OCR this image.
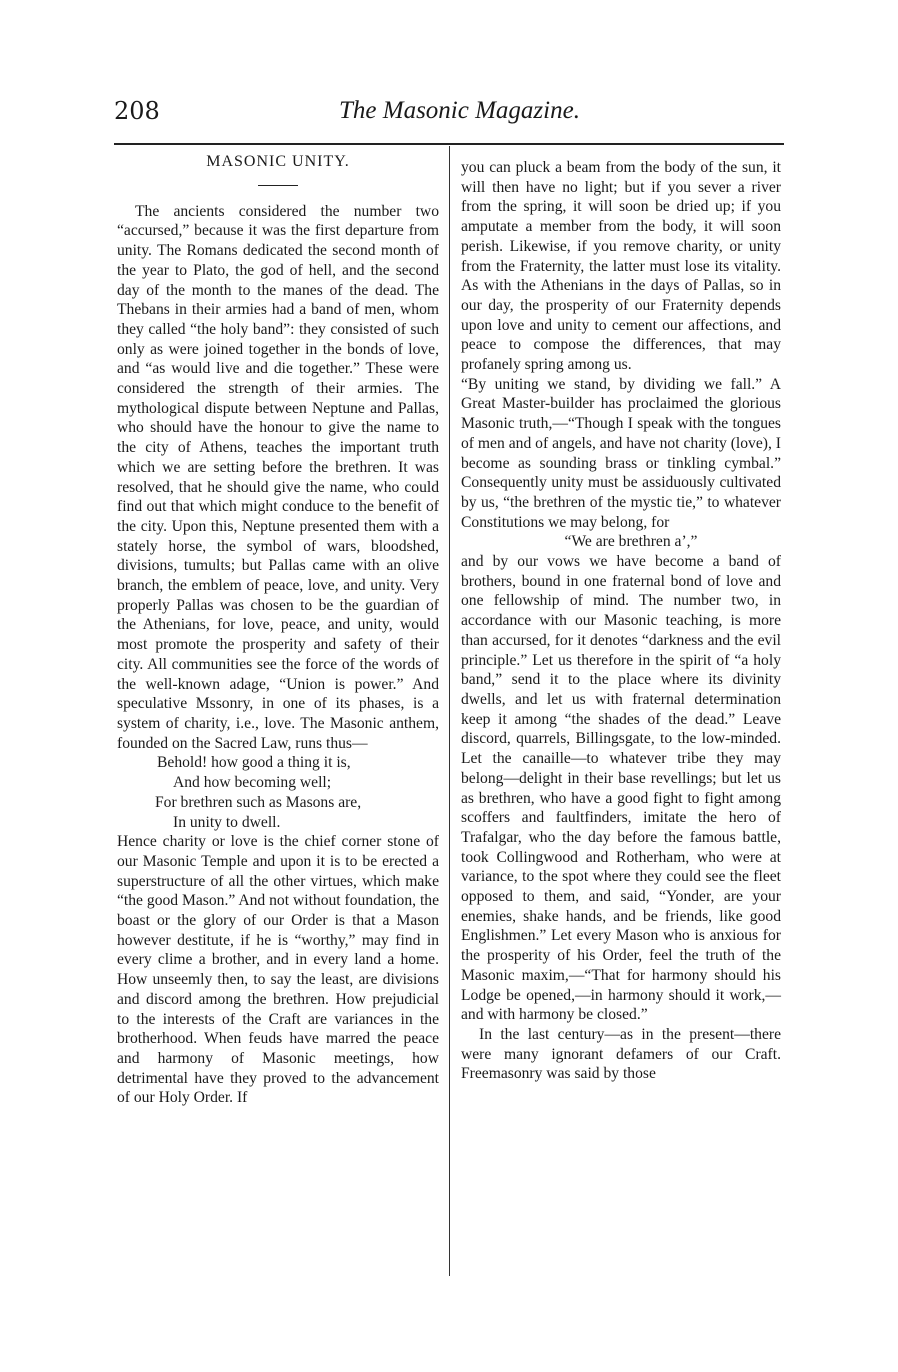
208	The Masonic Magazine.
MASONIC UNITY.

The ancients considered the number two “accursed,” because it was the first departure from unity. The Romans dedicated the second month of the year to Plato, the god of hell, and the second day of the month to the manes of the dead. The Thebans in their armies had a band of men, whom they called “the holy band”: they consisted of such only as were joined together in the bonds of love, and “as would live and die together.” These were considered the strength of their armies. The mythological dispute between Neptune and Pallas, who should have the honour to give the name to the city of Athens, teaches the important truth which we are setting before the brethren. It was resolved, that he should give the name, who could find out that which might conduce to the benefit of the city. Upon this, Neptune presented them with a stately horse, the symbol of wars, bloodshed, divisions, tumults; but Pallas came with an olive branch, the emblem of peace, love, and unity. Very properly Pallas was chosen to be the guardian of the Athenians, for love, peace, and unity, would most promote the prosperity and safety of their city. All communities see the force of the words of the well-known adage, “Union is power.” And speculative Mssonry, in one of its phases, is a system of charity, i.e., love. The Masonic anthem, founded on the Sacred Law, runs thus—

Behold! how good a thing it is,

And how becoming well;

For brethren such as Masons are,

In unity to dwell.

Hence charity or love is the chief corner stone of our Masonic Temple and upon it is to be erected a superstructure of all the other virtues, which make “the good Mason.” And not without foundation, the boast or the glory of our Order is that a Mason however destitute, if he is “worthy,” may find in every clime a brother, and in every land a home. How unseemly then, to say the least, are divisions and discord among the brethren. How prejudicial to the interests of the Craft are variances in the brotherhood. When feuds have marred the peace and harmony of Masonic meetings, how detrimental have they proved to the advancement of our Holy Order. If

you can pluck a beam from the body of the sun, it will then have no light; but if you sever a river from the spring, it will soon be dried up; if you amputate a member from the body, it will soon perish. Likewise, if you remove charity, or unity from the Fraternity, the latter must lose its vitality. As with the Athenians in the days of Pallas, so in our day, the prosperity of our Fraternity depends upon love and unity to cement our affections, and peace to compose the differences, that may profanely spring among us.

“By uniting we stand, by dividing we fall.” A Great Master-builder has proclaimed the glorious Masonic truth,—“Though I speak with the tongues of men and of angels, and have not charity (love), I become as sounding brass or tinkling cymbal.” Consequently unity must be assiduously cultivated by us, “the brethren of the mystic tie,” to whatever Constitutions we may belong, for

“We are brethren a’,”

and by our vows we have become a band of brothers, bound in one fraternal bond of love and one fellowship of mind. The number two, in accordance with our Masonic teaching, is more than accursed, for it denotes “darkness and the evil principle.” Let us therefore in the spirit of “a holy band,” send it to the place where its divinity dwells, and let us with fraternal determination keep it among “the shades of the dead.” Leave discord, quarrels, Billingsgate, to the low-minded. Let the canaille—to whatever tribe they may belong—delight in their base revellings; but let us as brethren, who have a good fight to fight among scoffers and faultfinders, imitate the hero of Trafalgar, who the day before the famous battle, took Collingwood and Rotherham, who were at variance, to the spot where they could see the fleet opposed to them, and said, “Yonder, are your enemies, shake hands, and be friends, like good Englishmen.” Let every Mason who is anxious for the prosperity of his Order, feel the truth of the Masonic maxim,—“That for harmony should his Lodge be opened,—in harmony should it work,—and with harmony be closed.”

In the last century—as in the present—there were many ignorant defamers of our Craft. Freemasonry was said by those
